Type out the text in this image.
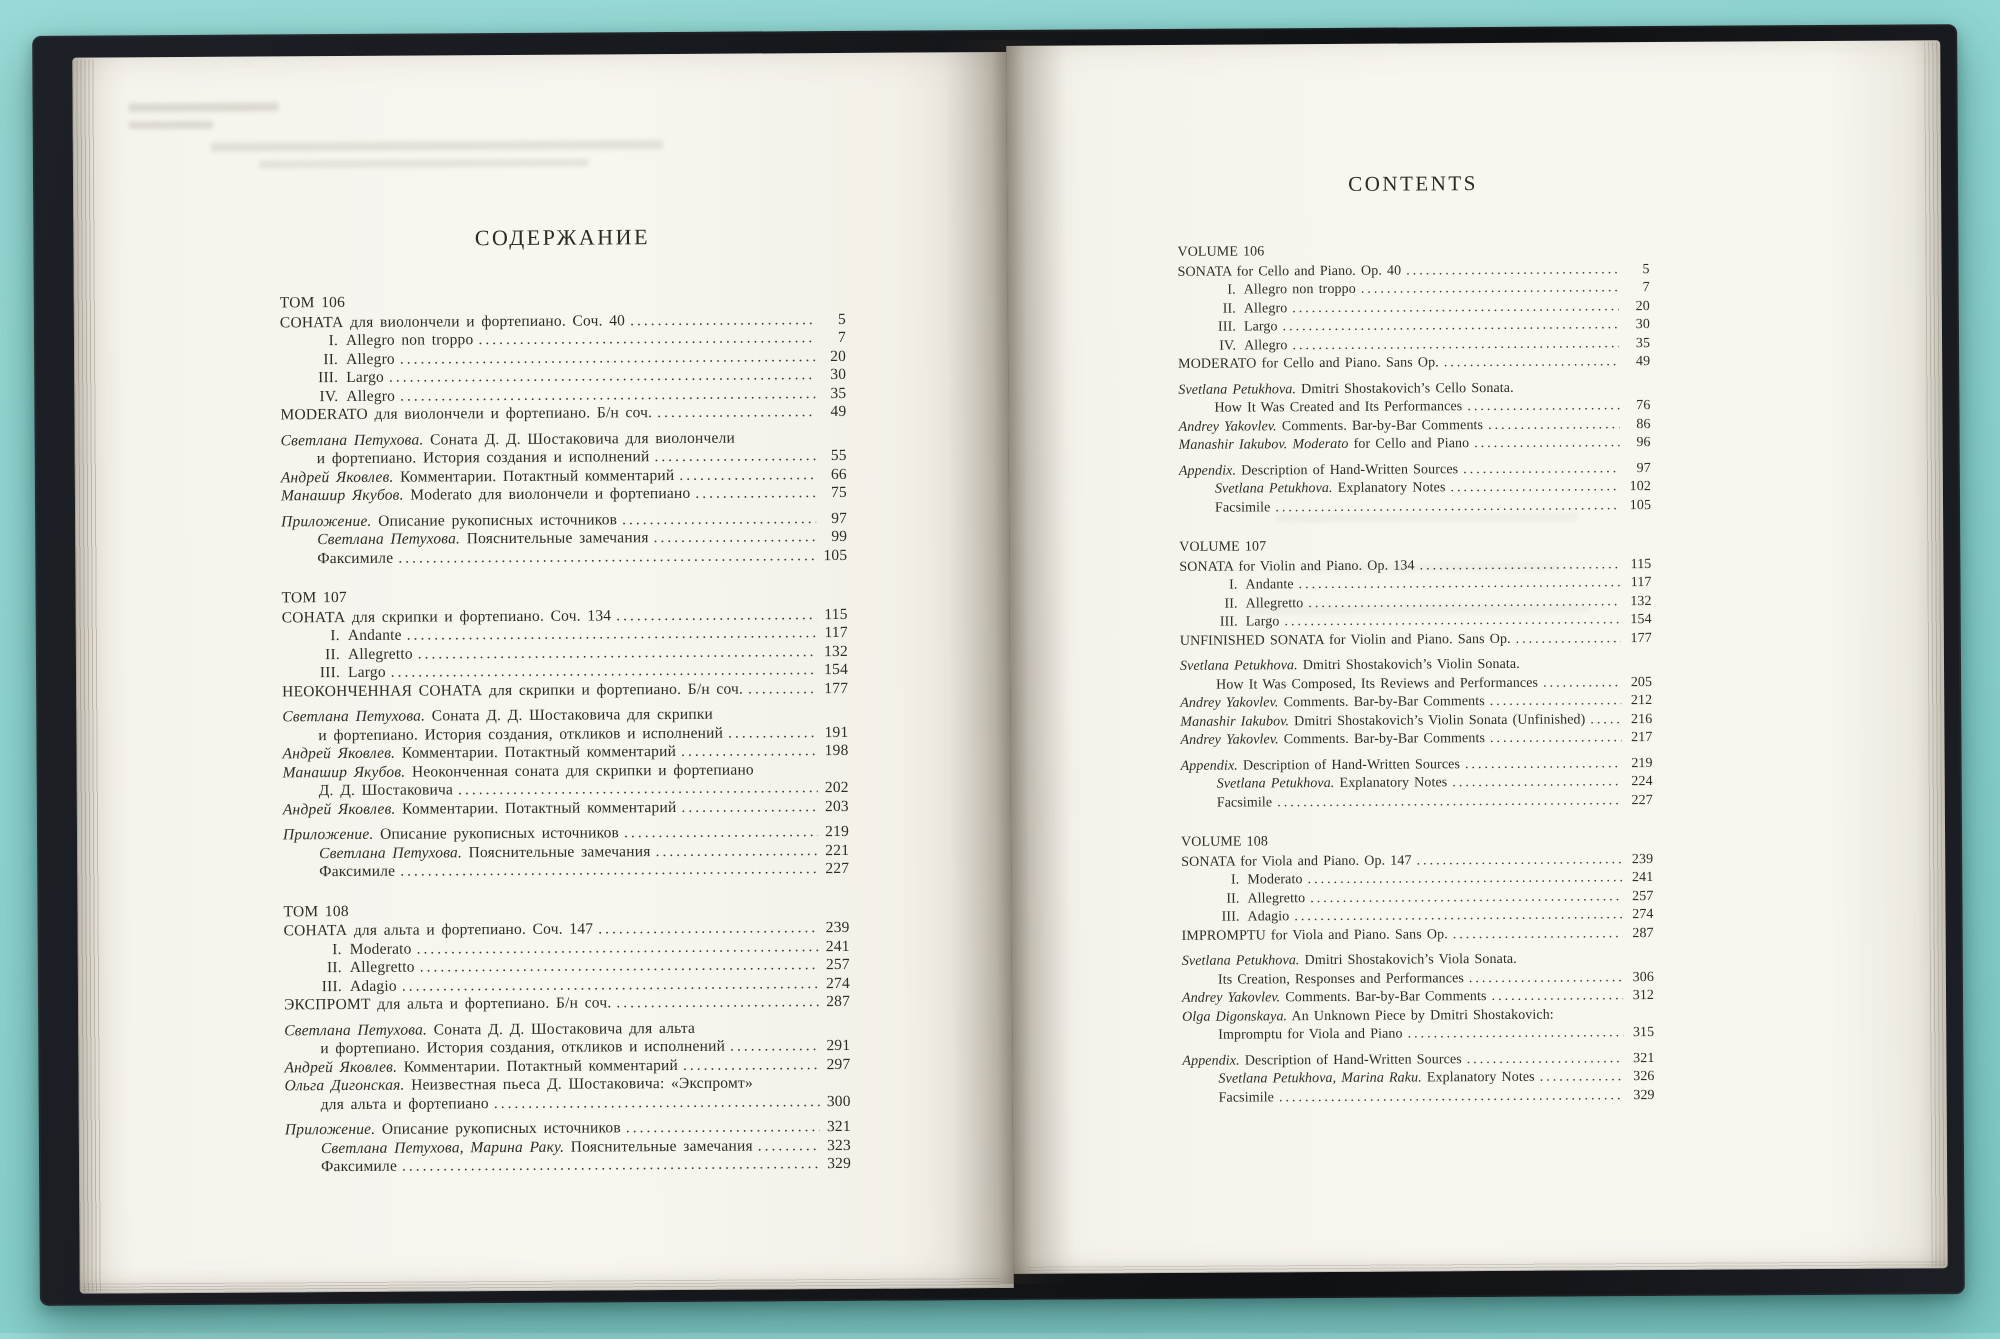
СОДЕРЖАНИЕ
ТОМ 106
СОНАТА для виолончели и фортепиано. Соч. 40 .....	5
I. Allegro non troppo .....	7
II. Allegro .....	20
III. Largo .....	30
IV. Allegro .....	35
MODERATO для виолончели и фортепиано. Б/н соч. .....	49
Светлана Петухова. Соната Д. Д. Шостаковича для виолончели
и фортепиано. История создания и исполнений .....	55
Андрей Яковлев. Комментарии. Потактный комментарий .....	66
Манашир Якубов. Moderato для виолончели и фортепиано .....	75
Приложение. Описание рукописных источников .....	97
Светлана Петухова. Пояснительные замечания .....	99
Факсимиле .....	105
ТОМ 107
СОНАТА для скрипки и фортепиано. Соч. 134 .....	115
I. Andante .....	117
II. Allegretto .....	132
III. Largo .....	154
НЕОКОНЧЕННАЯ СОНАТА для скрипки и фортепиано. Б/н соч. .....	177
Светлана Петухова. Соната Д. Д. Шостаковича для скрипки
и фортепиано. История создания, откликов и исполнений .....	191
Андрей Яковлев. Комментарии. Потактный комментарий .....	198
Манашир Якубов. Неоконченная соната для скрипки и фортепиано
Д. Д. Шостаковича .....	202
Андрей Яковлев. Комментарии. Потактный комментарий .....	203
Приложение. Описание рукописных источников .....	219
Светлана Петухова. Пояснительные замечания .....	221
Факсимиле .....	227
ТОМ 108
СОНАТА для альта и фортепиано. Соч. 147 .....	239
I. Moderato .....	241
II. Allegretto .....	257
III. Adagio .....	274
ЭКСПРОМТ для альта и фортепиано. Б/н соч. .....	287
Светлана Петухова. Соната Д. Д. Шостаковича для альта
и фортепиано. История создания, откликов и исполнений .....	291
Андрей Яковлев. Комментарии. Потактный комментарий .....	297
Ольга Дигонская. Неизвестная пьеса Д. Шостаковича: «Экспромт»
для альта и фортепиано .....	300
Приложение. Описание рукописных источников .....	321
Светлана Петухова, Марина Раку. Пояснительные замечания .....	323
Факсимиле .....	329
CONTENTS
VOLUME 106
SONATA for Cello and Piano. Op. 40 .....	5
I. Allegro non troppo .....	7
II. Allegro .....	20
III. Largo .....	30
IV. Allegro .....	35
MODERATO for Cello and Piano. Sans Op. .....	49
Svetlana Petukhova. Dmitri Shostakovich’s Cello Sonata.
How It Was Created and Its Performances .....	76
Andrey Yakovlev. Comments. Bar-by-Bar Comments .....	86
Manashir Iakubov. Moderato for Cello and Piano .....	96
Appendix. Description of Hand-Written Sources .....	97
Svetlana Petukhova. Explanatory Notes .....	102
Facsimile .....	105
VOLUME 107
SONATA for Violin and Piano. Op. 134 .....	115
I. Andante .....	117
II. Allegretto .....	132
III. Largo .....	154
UNFINISHED SONATA for Violin and Piano. Sans Op. .....	177
Svetlana Petukhova. Dmitri Shostakovich’s Violin Sonata.
How It Was Composed, Its Reviews and Performances .....	205
Andrey Yakovlev. Comments. Bar-by-Bar Comments .....	212
Manashir Iakubov. Dmitri Shostakovich’s Violin Sonata (Unfinished) .....	216
Andrey Yakovlev. Comments. Bar-by-Bar Comments .....	217
Appendix. Description of Hand-Written Sources .....	219
Svetlana Petukhova. Explanatory Notes .....	224
Facsimile .....	227
VOLUME 108
SONATA for Viola and Piano. Op. 147 .....	239
I. Moderato .....	241
II. Allegretto .....	257
III. Adagio .....	274
IMPROMPTU for Viola and Piano. Sans Op. .....	287
Svetlana Petukhova. Dmitri Shostakovich’s Viola Sonata.
Its Creation, Responses and Performances .....	306
Andrey Yakovlev. Comments. Bar-by-Bar Comments .....	312
Olga Digonskaya. An Unknown Piece by Dmitri Shostakovich:
Impromptu for Viola and Piano .....	315
Appendix. Description of Hand-Written Sources .....	321
Svetlana Petukhova, Marina Raku. Explanatory Notes .....	326
Facsimile .....	329
